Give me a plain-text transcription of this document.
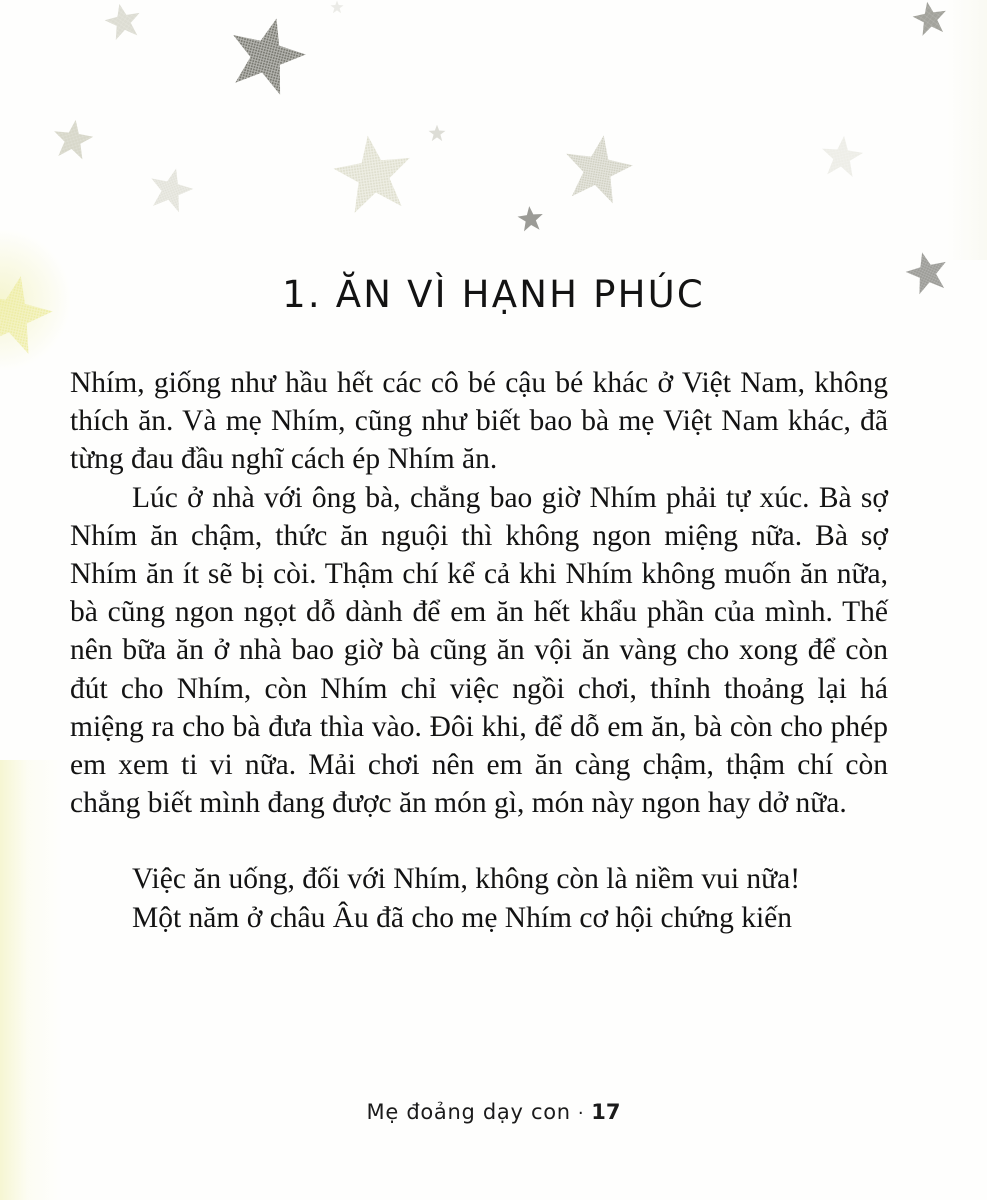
1. ĂN VÌ HẠNH PHÚC

Nhím, giống như hầu hết các cô bé cậu bé khác ở Việt Nam, không thích ăn. Và mẹ Nhím, cũng như biết bao bà mẹ Việt Nam khác, đã từng đau đầu nghĩ cách ép Nhím ăn.

Lúc ở nhà với ông bà, chẳng bao giờ Nhím phải tự xúc. Bà sợ Nhím ăn chậm, thức ăn nguội thì không ngon miệng nữa. Bà sợ Nhím ăn ít sẽ bị còi. Thậm chí kể cả khi Nhím không muốn ăn nữa, bà cũng ngon ngọt dỗ dành để em ăn hết khẩu phần của mình. Thế nên bữa ăn ở nhà bao giờ bà cũng ăn vội ăn vàng cho xong để còn đút cho Nhím, còn Nhím chỉ việc ngồi chơi, thỉnh thoảng lại há miệng ra cho bà đưa thìa vào. Đôi khi, để dỗ em ăn, bà còn cho phép em xem ti vi nữa. Mải chơi nên em ăn càng chậm, thậm chí còn chẳng biết mình đang được ăn món gì, món này ngon hay dở nữa.

Việc ăn uống, đối với Nhím, không còn là niềm vui nữa!

Một năm ở châu Âu đã cho mẹ Nhím cơ hội chứng kiến

Mẹ đoảng dạy con · 17
